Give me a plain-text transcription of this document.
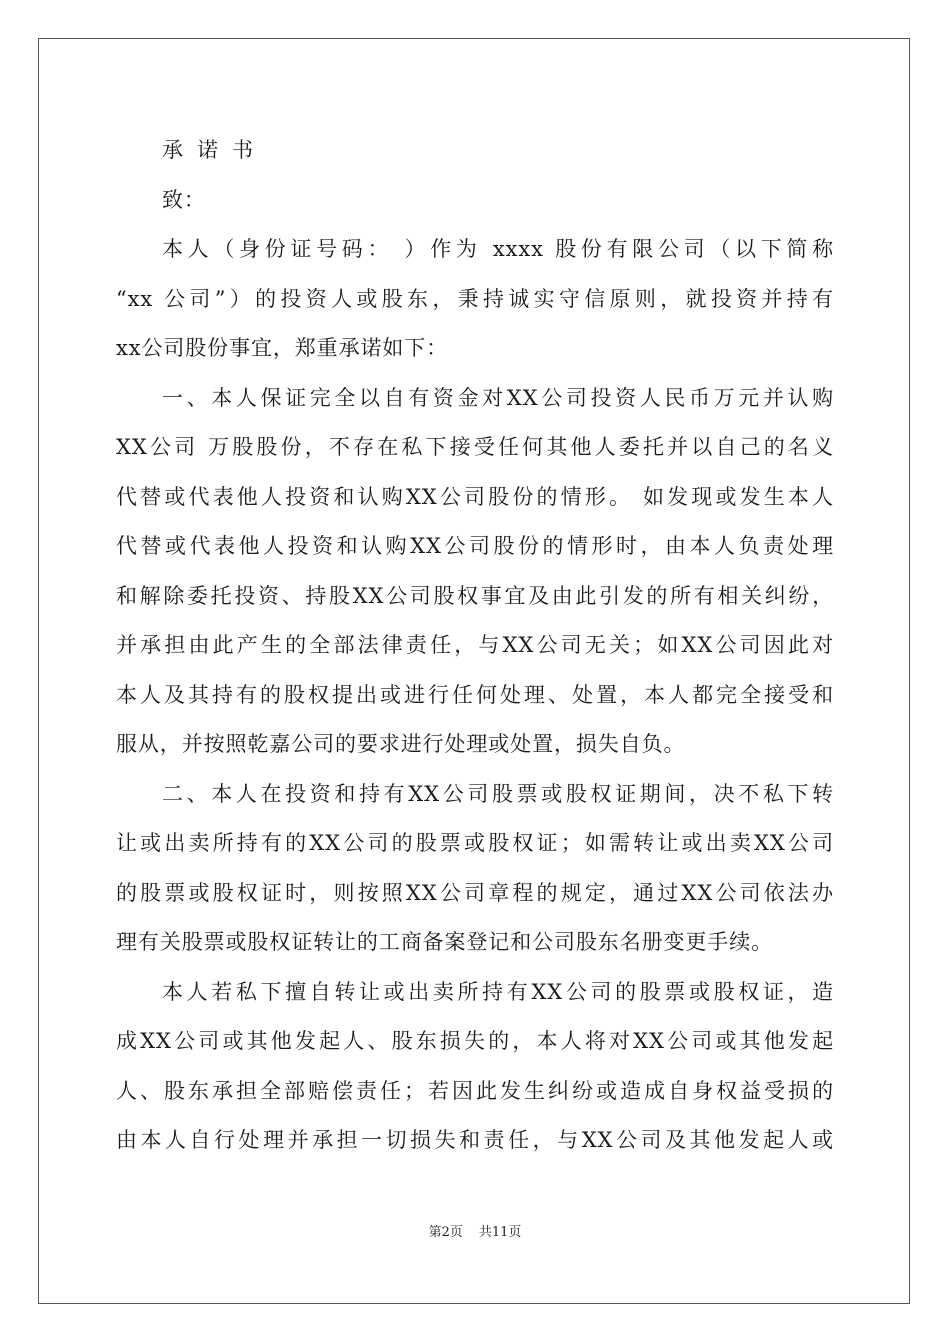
承 诺 书
致：
本人（身份证号码： ）作为 xxxx 股份有限公司（以下简称
“xx 公司”）的投资人或股东，秉持诚实守信原则，就投资并持有
xx公司股份事宜，郑重承诺如下：
一、本人保证完全以自有资金对XX公司投资人民币万元并认购
XX公司 万股股份，不存在私下接受任何其他人委托并以自己的名义
代替或代表他人投资和认购XX公司股份的情形。 如发现或发生本人
代替或代表他人投资和认购XX公司股份的情形时，由本人负责处理
和解除委托投资、持股XX公司股权事宜及由此引发的所有相关纠纷，
并承担由此产生的全部法律责任，与XX公司无关；如XX公司因此对
本人及其持有的股权提出或进行任何处理、处置，本人都完全接受和
服从，并按照乾嘉公司的要求进行处理或处置，损失自负。
二、本人在投资和持有XX公司股票或股权证期间，决不私下转
让或出卖所持有的XX公司的股票或股权证；如需转让或出卖XX公司
的股票或股权证时，则按照XX公司章程的规定，通过XX公司依法办
理有关股票或股权证转让的工商备案登记和公司股东名册变更手续。
本人若私下擅自转让或出卖所持有XX公司的股票或股权证，造
成XX公司或其他发起人、股东损失的，本人将对XX公司或其他发起
人、股东承担全部赔偿责任；若因此发生纠纷或造成自身权益受损的
由本人自行处理并承担一切损失和责任，与XX公司及其他发起人或
第2页 共11页
